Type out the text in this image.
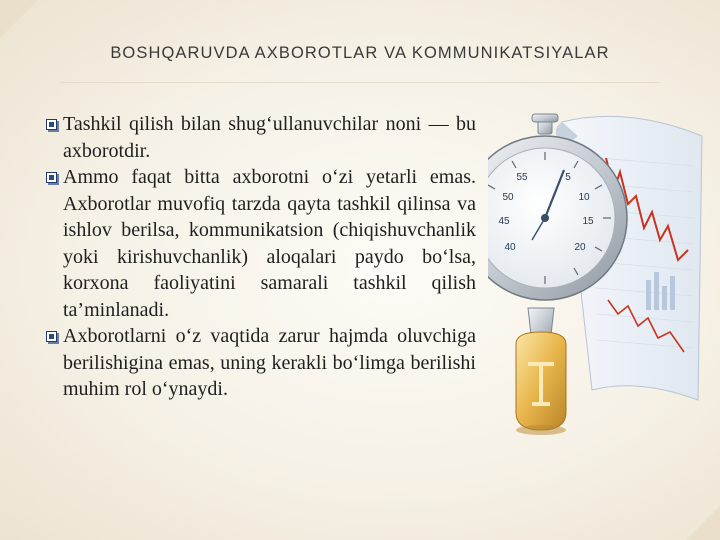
BOSHQARUVDA AXBOROTLAR VA KOMMUNIKATSIYALAR
Tashkil qilish bilan shug‘ullanuvchilar noni — bu axborotdir.
Ammo faqat bitta axborotni o‘zi yetarli emas. Axborotlar muvofiq tarzda qayta tashkil qilinsa va ishlov berilsa, kommunikatsion (chiqishuvchanlik yoki kirishuvchanlik) aloqalari paydo bo‘lsa, korxona faoliyatini samarali tashkil qilish ta’minlanadi.
Axborotlarni o‘z vaqtida zarur hajmda oluvchiga berilishigina emas, uning kerakli bo‘limga berilishi muhim rol o‘ynaydi.
55	5
50	10
45	15
40	20
